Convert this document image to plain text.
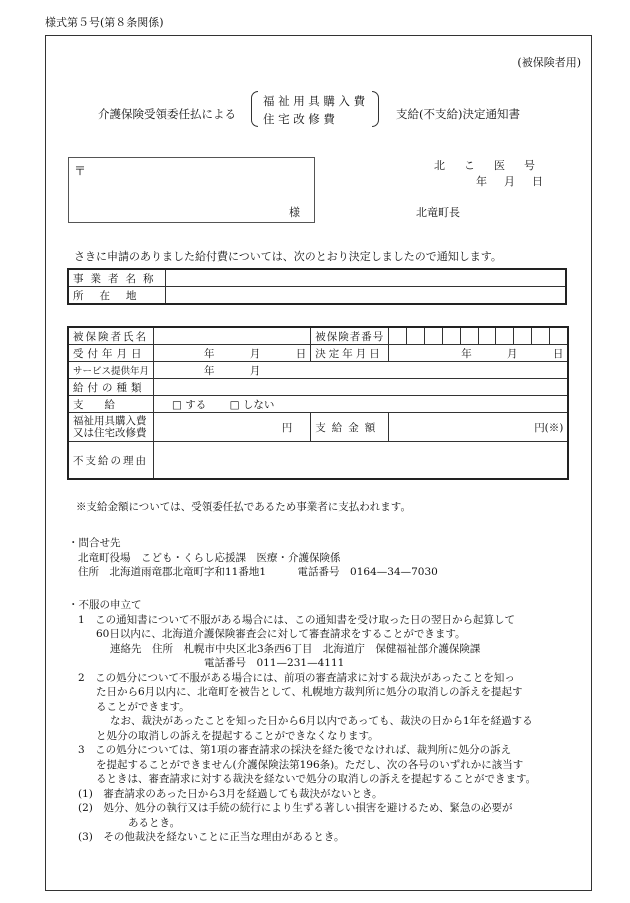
様式第５号(第８条関係)
(被保険者用)
介護保険受領委任払による
福祉用具購入費
住宅改修費	支給(不支給)決定通知書
〒
様
北こ医号
年月日
北竜町長
さきに申請のありました給付費については、次のとおり決定しましたので通知します。
事業者名称	
所在地	
被保険者氏名		被保険者番号										
受付年月日	年 月 日	決定年月日	年 月 日									
サービス提供年月	年 月											
給付の種類												
支　　給	□ する □ しない											

福祉用具購入費
又は住宅改修費	円	支給金額	円(※)									
不支給の理由												
※支給金額については、受領委任払であるため事業者に支払われます。
・問合せ先
北竜町役場　こども・くらし応援課　医療・介護保険係
住所　北海道雨竜郡北竜町字和11番地1　　　電話番号　0164—34—7030
・不服の申立て
1　この通知書について不服がある場合には、この通知書を受け取った日の翌日から起算して
60日以内に、北海道介護保険審査会に対して審査請求をすることができます。
連絡先　住所　札幌市中央区北3条西6丁目　北海道庁　保健福祉部介護保険課
電話番号　011—231—4111
2　この処分について不服がある場合には、前項の審査請求に対する裁決があったことを知っ
た日から6月以内に、北竜町を被告として、札幌地方裁判所に処分の取消しの訴えを提起す
ることができます。
なお、裁決があったことを知った日から6月以内であっても、裁決の日から1年を経過する
と処分の取消しの訴えを提起することができなくなります。
3　この処分については、第1項の審査請求の採決を経た後でなければ、裁判所に処分の訴え
を提起することができません(介護保険法第196条)。ただし、次の各号のいずれかに該当す
るときは、審査請求に対する裁決を経ないで処分の取消しの訴えを提起することができます。
(1)　審査請求のあった日から3月を経過しても裁決がないとき。
(2)　処分、処分の執行又は手続の続行により生ずる著しい損害を避けるため、緊急の必要が
あるとき。
(3)　その他裁決を経ないことに正当な理由があるとき。
